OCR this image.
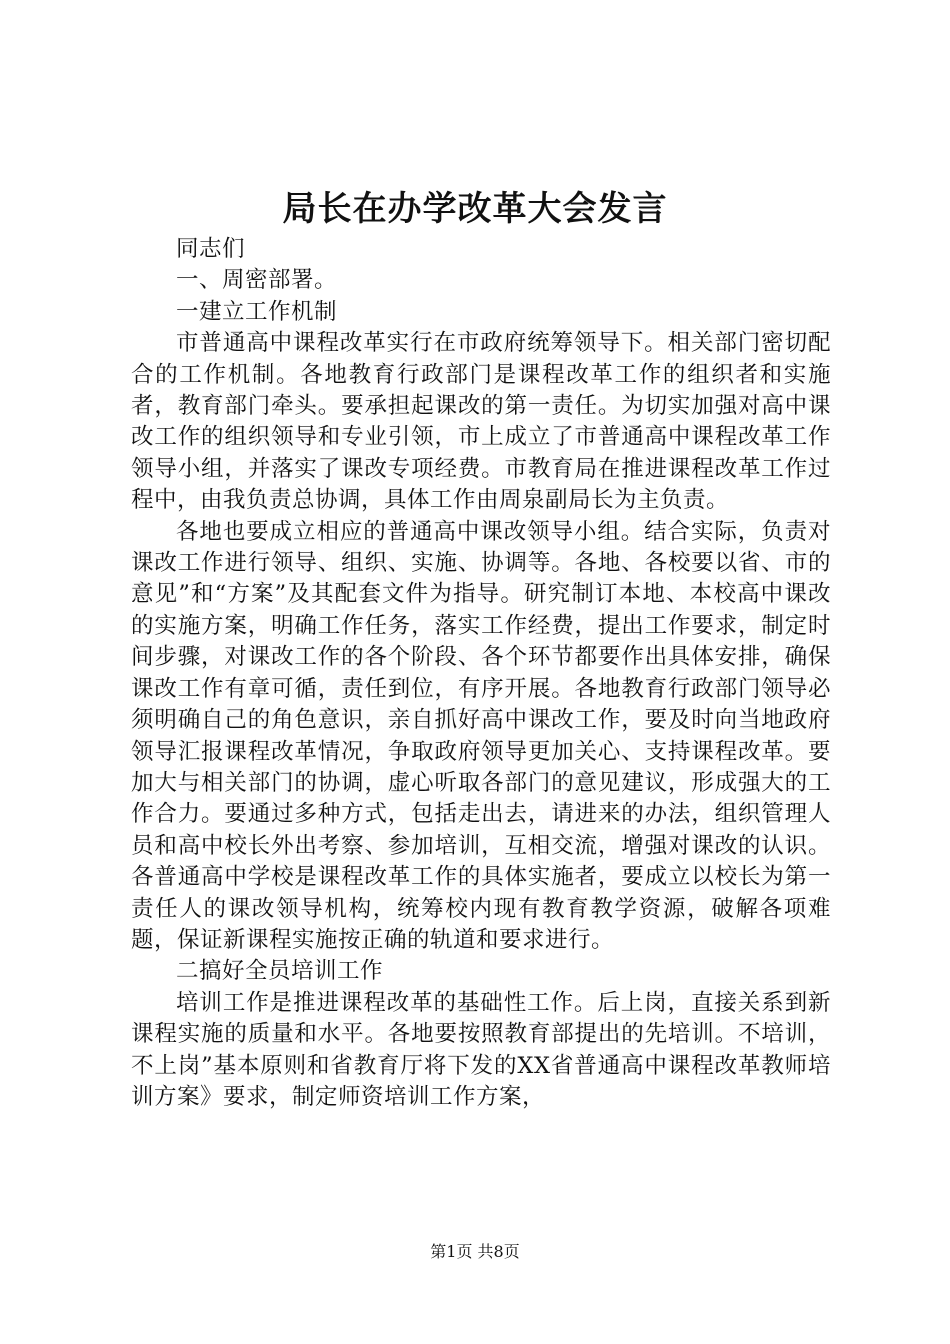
局长在办学改革大会发言

同志们

一、周密部署。

一建立工作机制

市普通高中课程改革实行在市政府统筹领导下。相关部门密切配合的工作机制。各地教育行政部门是课程改革工作的组织者和实施者，教育部门牵头。要承担起课改的第一责任。为切实加强对高中课改工作的组织领导和专业引领，市上成立了市普通高中课程改革工作领导小组，并落实了课改专项经费。市教育局在推进课程改革工作过程中，由我负责总协调，具体工作由周泉副局长为主负责。

各地也要成立相应的普通高中课改领导小组。结合实际，负责对课改工作进行领导、组织、实施、协调等。各地、各校要以省、市的意见”和“方案”及其配套文件为指导。研究制订本地、本校高中课改的实施方案，明确工作任务，落实工作经费，提出工作要求，制定时间步骤，对课改工作的各个阶段、各个环节都要作出具体安排，确保课改工作有章可循，责任到位，有序开展。各地教育行政部门领导必须明确自己的角色意识，亲自抓好高中课改工作，要及时向当地政府领导汇报课程改革情况，争取政府领导更加关心、支持课程改革。要加大与相关部门的协调，虚心听取各部门的意见建议，形成强大的工作合力。要通过多种方式，包括走出去，请进来的办法，组织管理人员和高中校长外出考察、参加培训，互相交流，增强对课改的认识。各普通高中学校是课程改革工作的具体实施者，要成立以校长为第一责任人的课改领导机构，统筹校内现有教育教学资源，破解各项难题，保证新课程实施按正确的轨道和要求进行。

二搞好全员培训工作

培训工作是推进课程改革的基础性工作。后上岗，直接关系到新课程实施的质量和水平。各地要按照教育部提出的先培训。不培训，不上岗”基本原则和省教育厅将下发的XX省普通高中课程改革教师培训方案》要求，制定师资培训工作方案，

第1页 共8页
